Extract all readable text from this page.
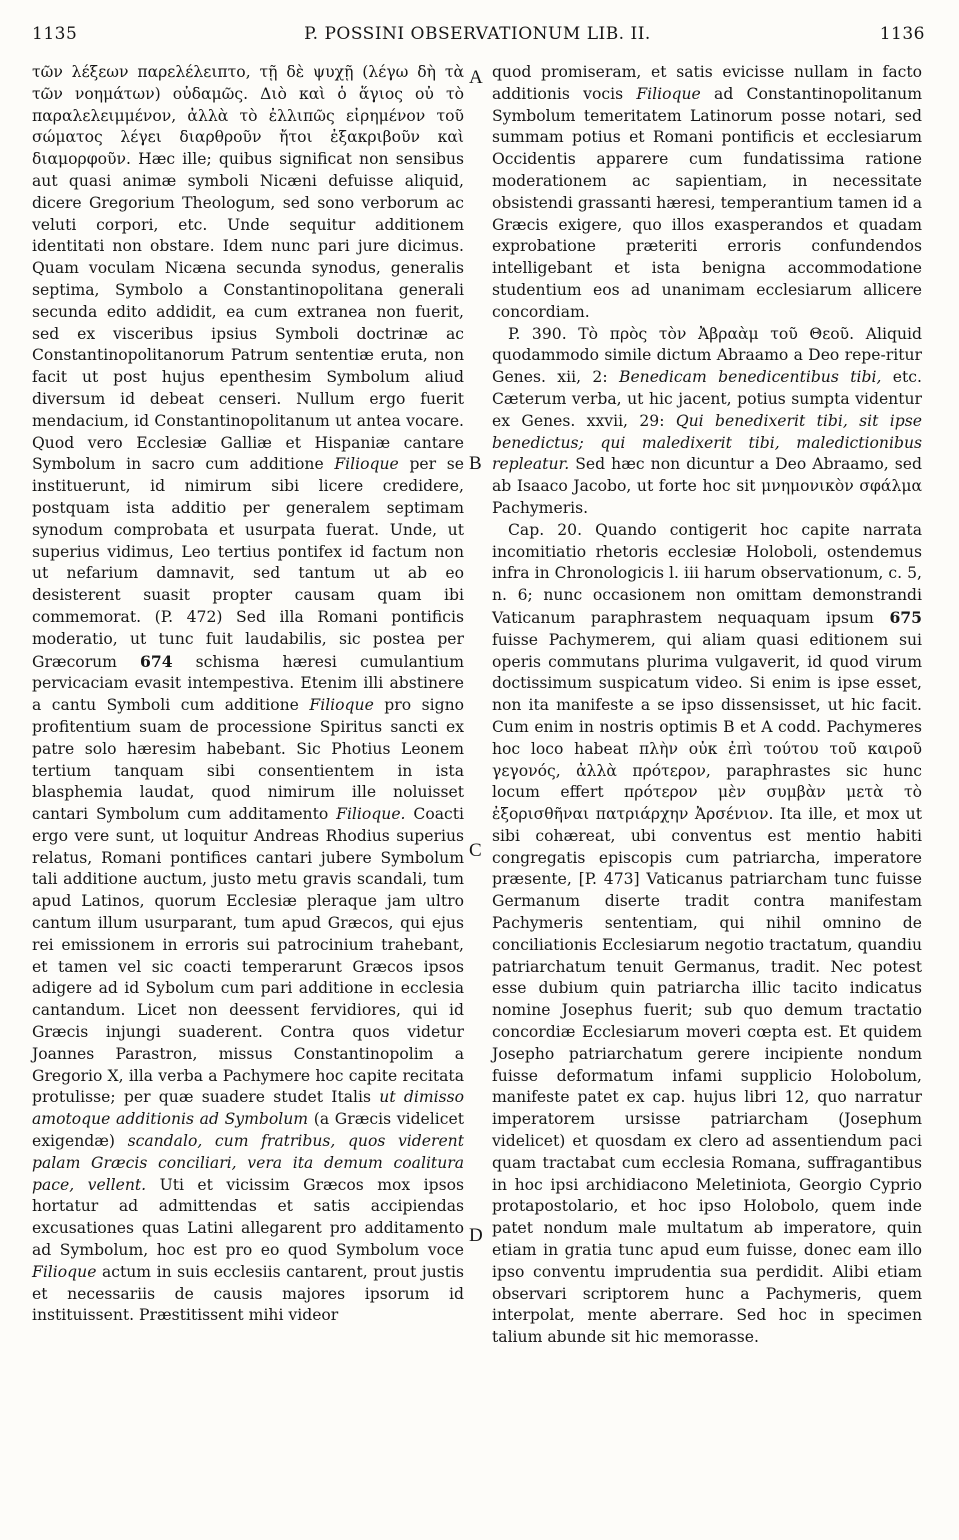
1135	P. POSSINI OBSERVATIONUM LIB. II.	1136
A
B
C
D

τῶν λέξεων παρελέλειπτο, τῇ δὲ ψυχῇ (λέγω δὴ τὰ τῶν νοημάτων) οὐδαμῶς. Διὸ καὶ ὁ ἅγιος οὐ τὸ παραλελειμμένον, ἀλλὰ τὸ ἐλλιπῶς εἰρημένον τοῦ σώματος λέγει διαρθροῦν ἤτοι ἐξακριβοῦν καὶ διαμορφοῦν. Hæc ille; quibus significat non sensibus aut quasi animæ symboli Nicæni defuisse aliquid, dicere Gregorium Theologum, sed sono verborum ac veluti corpori, etc. Unde sequitur additionem identitati non obstare. Idem nunc pari jure dicimus. Quam voculam Nicæna secunda synodus, generalis septima, Symbolo a Constantinopolitana generali secunda edito addidit, ea cum extranea non fuerit, sed ex visceribus ipsius Symboli doctrinæ ac Constantinopolitanorum Patrum sententiæ eruta, non facit ut post hujus epenthesim Symbolum aliud diversum id debeat censeri. Nullum ergo fuerit mendacium, id Constantinopolitanum ut antea vocare. Quod vero Ecclesiæ Galliæ et Hispaniæ cantare Symbolum in sacro cum additione Filioque per se instituerunt, id nimirum sibi licere credidere, postquam ista additio per generalem septimam synodum comprobata et usurpata fuerat. Unde, ut superius vidimus, Leo tertius pontifex id factum non ut nefarium damnavit, sed tantum ut ab eo desisterent suasit propter causam quam ibi commemorat. (P. 472) Sed illa Romani pontificis moderatio, ut tunc fuit laudabilis, sic postea per Græcorum 674 schisma hæresi cumulantium pervicaciam evasit intempestiva. Etenim illi abstinere a cantu Symboli cum additione Filioque pro signo profitentium suam de processione Spiritus sancti ex patre solo hæresim habebant. Sic Photius Leonem tertium tanquam sibi consentientem in ista blasphemia laudat, quod nimirum ille noluisset cantari Symbolum cum additamento Filioque. Coacti ergo vere sunt, ut loquitur Andreas Rhodius superius relatus, Romani pontifices cantari jubere Symbolum tali additione auctum, justo metu gravis scandali, tum apud Latinos, quorum Ecclesiæ pleraque jam ultro cantum illum usurparant, tum apud Græcos, qui ejus rei emissionem in erroris sui patrocinium trahebant, et tamen vel sic coacti temperarunt Græcos ipsos adigere ad id Sybolum cum pari additione in ecclesia cantandum. Licet non deessent fervidiores, qui id Græcis injungi suaderent. Contra quos videtur Joannes Parastron, missus Constantinopolim a Gregorio X, illa verba a Pachymere hoc capite recitata protulisse; per quæ suadere studet Italis ut dimisso amotoque additionis ad Symbolum (a Græcis videlicet exigendæ) scandalo, cum fratribus, quos viderent palam Græcis conciliari, vera ita demum coalitura pace, vellent. Uti et vicissim Græcos mox ipsos hortatur ad admittendas et satis accipiendas excusationes quas Latini allegarent pro additamento ad Symbolum, hoc est pro eo quod Symbolum voce Filioque actum in suis ecclesiis cantarent, prout justis et necessariis de causis majores ipsorum id instituissent. Præstitissent mihi videor

quod promiseram, et satis evicisse nullam in facto additionis vocis Filioque ad Constantinopolitanum Symbolum temeritatem Latinorum posse notari, sed summam potius et Romani pontificis et ecclesiarum Occidentis apparere cum fundatissima ratione moderationem ac sapientiam, in necessitate obsistendi grassanti hæresi, temperantium tamen id a Græcis exigere, quo illos exasperandos et quadam exprobatione præteriti erroris confundendos intelligebant et ista benigna accommodatione studentium eos ad unanimam ecclesiarum allicere concordiam.

P. 390. Τὸ πρὸς τὸν Ἀβραὰμ τοῦ Θεοῦ. Aliquid quodammodo simile dictum Abraamo a Deo repe-ritur Genes. xii, 2: Benedicam benedicentibus tibi, etc. Cæterum verba, ut hic jacent, potius sumpta videntur ex Genes. xxvii, 29: Qui benedixerit tibi, sit ipse benedictus; qui maledixerit tibi, maledictionibus repleatur. Sed hæc non dicuntur a Deo Abraamo, sed ab Isaaco Jacobo, ut forte hoc sit μνημονικὸν σφάλμα Pachymeris.

Cap. 20. Quando contigerit hoc capite narrata incomitiatio rhetoris ecclesiæ Holoboli, ostendemus infra in Chronologicis l. iii harum observationum, c. 5, n. 6; nunc occasionem non omittam demonstrandi Vaticanum paraphrastem nequaquam ipsum 675 fuisse Pachymerem, qui aliam quasi editionem sui operis commutans plurima vulgaverit, id quod virum doctissimum suspicatum video. Si enim is ipse esset, non ita manifeste a se ipso dissensisset, ut hic facit. Cum enim in nostris optimis B et A codd. Pachymeres hoc loco habeat πλὴν οὐκ ἐπὶ τούτου τοῦ καιροῦ γεγονός, ἀλλὰ πρότερον, paraphrastes sic hunc locum effert πρότερον μὲν συμβὰν μετὰ τὸ ἐξορισθῆναι πατριάρχην Ἀρσένιον. Ita ille, et mox ut sibi cohæreat, ubi conventus est mentio habiti congregatis episcopis cum patriarcha, imperatore præsente, [P. 473] Vaticanus patriarcham tunc fuisse Germanum diserte tradit contra manifestam Pachymeris sententiam, qui nihil omnino de conciliationis Ecclesiarum negotio tractatum, quandiu patriarchatum tenuit Germanus, tradit. Nec potest esse dubium quin patriarcha illic tacito indicatus nomine Josephus fuerit; sub quo demum tractatio concordiæ Ecclesiarum moveri cœpta est. Et quidem Josepho patriarchatum gerere incipiente nondum fuisse deformatum infami supplicio Holobolum, manifeste patet ex cap. hujus libri 12, quo narratur imperatorem ursisse patriarcham (Josephum videlicet) et quosdam ex clero ad assentiendum paci quam tractabat cum ecclesia Romana, suffragantibus in hoc ipsi archidiacono Meletiniota, Georgio Cyprio protapostolario, et hoc ipso Holobolo, quem inde patet nondum male multatum ab imperatore, quin etiam in gratia tunc apud eum fuisse, donec eam illo ipso conventu imprudentia sua perdidit. Alibi etiam observari scriptorem hunc a Pachymeris, quem interpolat, mente aberrare. Sed hoc in specimen talium abunde sit hic memorasse.
